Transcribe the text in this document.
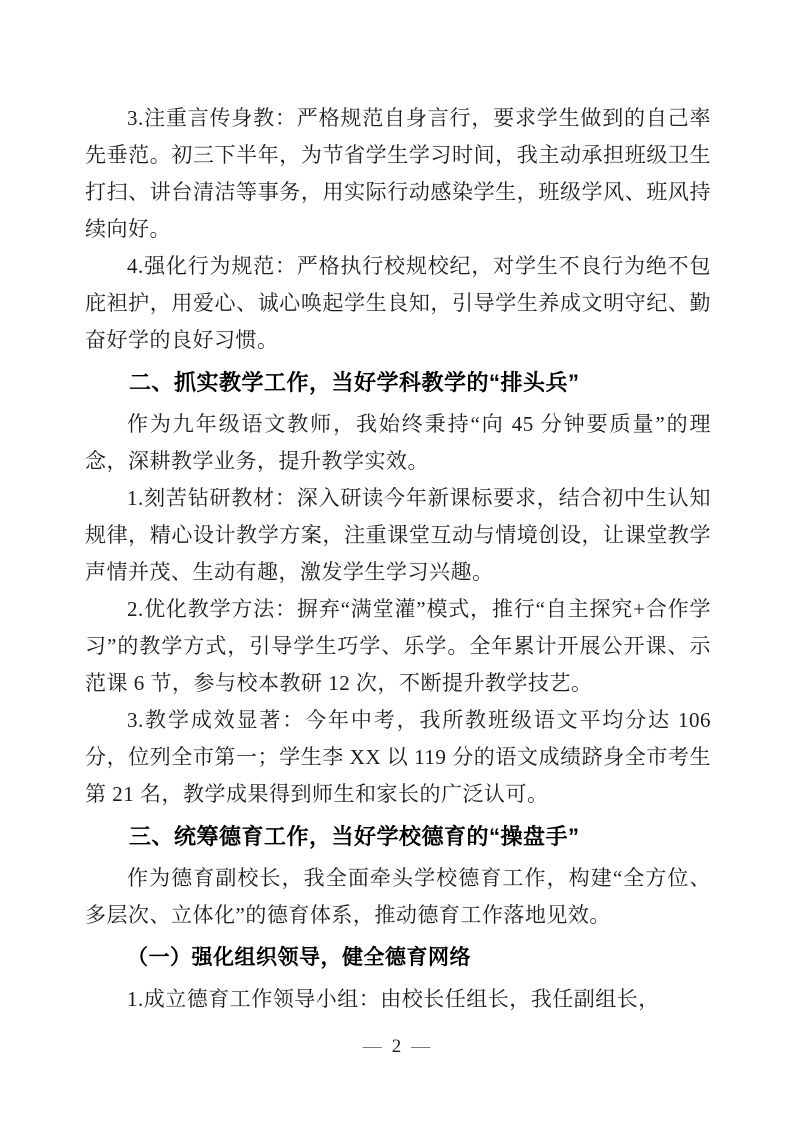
3.注重言传身教：严格规范自身言行，要求学生做到的自己率先垂范。初三下半年，为节省学生学习时间，我主动承担班级卫生打扫、讲台清洁等事务，用实际行动感染学生，班级学风、班风持续向好。

4.强化行为规范：严格执行校规校纪，对学生不良行为绝不包庇袒护，用爱心、诚心唤起学生良知，引导学生养成文明守纪、勤奋好学的良好习惯。

二、抓实教学工作，当好学科教学的“排头兵”

作为九年级语文教师，我始终秉持“向 45 分钟要质量”的理念，深耕教学业务，提升教学实效。

1.刻苦钻研教材：深入研读今年新课标要求，结合初中生认知规律，精心设计教学方案，注重课堂互动与情境创设，让课堂教学声情并茂、生动有趣，激发学生学习兴趣。

2.优化教学方法：摒弃“满堂灌”模式，推行“自主探究+合作学习”的教学方式，引导学生巧学、乐学。全年累计开展公开课、示范课 6 节，参与校本教研 12 次，不断提升教学技艺。

3.教学成效显著：今年中考，我所教班级语文平均分达 106 分，位列全市第一；学生李 XX 以 119 分的语文成绩跻身全市考生第 21 名，教学成果得到师生和家长的广泛认可。

三、统筹德育工作，当好学校德育的“操盘手”

作为德育副校长，我全面牵头学校德育工作，构建“全方位、多层次、立体化”的德育体系，推动德育工作落地见效。

（一）强化组织领导，健全德育网络

1.成立德育工作领导小组：由校长任组长，我任副组长，

— 2 —
